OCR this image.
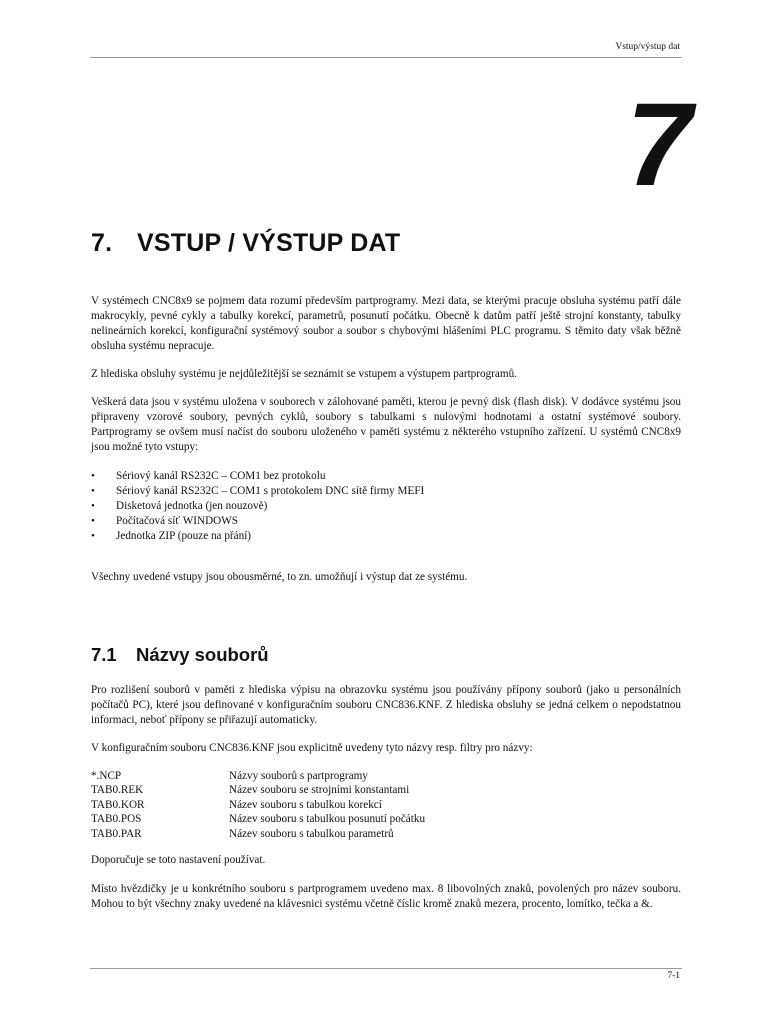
Vstup/výstup dat
7
7. VSTUP / VÝSTUP DAT

V systémech CNC8x9 se pojmem data rozumí především partprogramy. Mezi data, se kterými pracuje obsluha systému patří dále makrocykly, pevné cykly a tabulky korekcí, parametrů, posunutí počátku. Obecně k datům patří ještě strojní konstanty, tabulky nelineárních korekcí, konfigurační systémový soubor a soubor s chybovými hlášeními PLC programu. S těmito daty však běžně obsluha systému nepracuje.

Z hlediska obsluhy systému je nejdůležitější se seznámit se vstupem a výstupem partprogramů.

Veškerá data jsou v systému uložena v souborech v zálohované paměti, kterou je pevný disk (flash disk). V dodávce systému jsou připraveny vzorové soubory, pevných cyklů, soubory s tabulkami s nulovými hodnotami a ostatní systémové soubory. Partprogramy se ovšem musí načíst do souboru uloženého v paměti systému z některého vstupního zařízení. U systémů CNC8x9 jsou možné tyto vstupy:

• Sériový kanál RS232C – COM1 bez protokolu
• Sériový kanál RS232C – COM1 s protokolem DNC sítě firmy MEFI
• Disketová jednotka (jen nouzově)
• Počítačová síť WINDOWS
• Jednotka ZIP (pouze na přání)

Všechny uvedené vstupy jsou obousměrné, to zn. umožňují i výstup dat ze systému.

7.1 Názvy souborů

Pro rozlišení souborů v paměti z hlediska výpisu na obrazovku systému jsou používány přípony souborů (jako u personálních počítačů PC), které jsou definované v konfiguračním souboru CNC836.KNF. Z hlediska obsluhy se jedná celkem o nepodstatnou informaci, neboť přípony se přiřazují automaticky.

V konfiguračním souboru CNC836.KNF jsou explicitně uvedeny tyto názvy resp. filtry pro názvy:

*.NCP	Názvy souborů s partprogramy
TAB0.REK	Název souboru se strojními konstantami
TAB0.KOR	Název souboru s tabulkou korekcí
TAB0.POS	Název souboru s tabulkou posunutí počátku
TAB0.PAR	Název souboru s tabulkou parametrů

Doporučuje se toto nastavení používat.

Místo hvězdičky je u konkrétního souboru s partprogramem uvedeno max. 8 libovolných znaků, povolených pro název souboru. Mohou to být všechny znaky uvedené na klávesnici systému včetně číslic kromě znaků mezera, procento, lomítko, tečka a &.

7-1
